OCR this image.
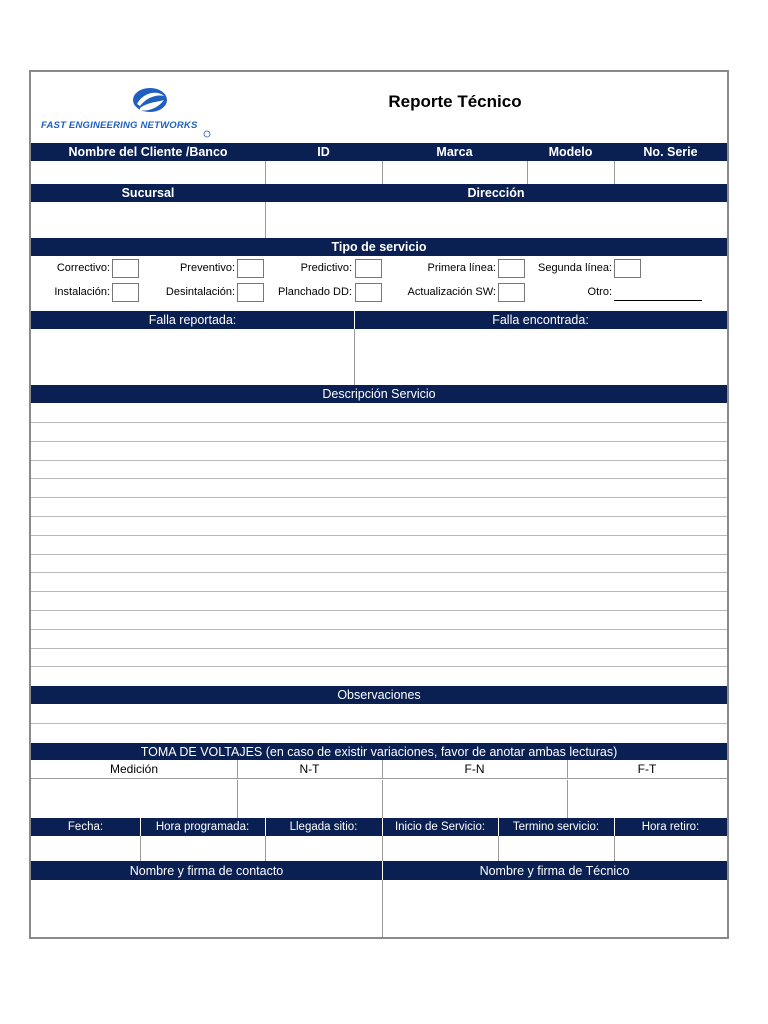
FAST ENGINEERING NETWORKS
Reporte Técnico
Nombre del Cliente /Banco	ID	Marca	Modelo	No. Serie
Sucursal	Dirección
Tipo de servicio
Correctivo:	Preventivo:	Predictivo:	Primera línea:	Segunda línea:
Instalación:	Desintalación:	Planchado DD:	Actualización SW:	Otro:
Falla reportada:	Falla encontrada:
Descripción Servicio
Observaciones
TOMA DE VOLTAJES (en caso de existir variaciones, favor de anotar ambas lecturas)
Medición	N-T	F-N	F-T
Fecha:	Hora programada:	Llegada sitio:	Inicio de Servicio:	Termino servicio:	Hora retiro:
Nombre y firma de contacto	Nombre y firma de Técnico
